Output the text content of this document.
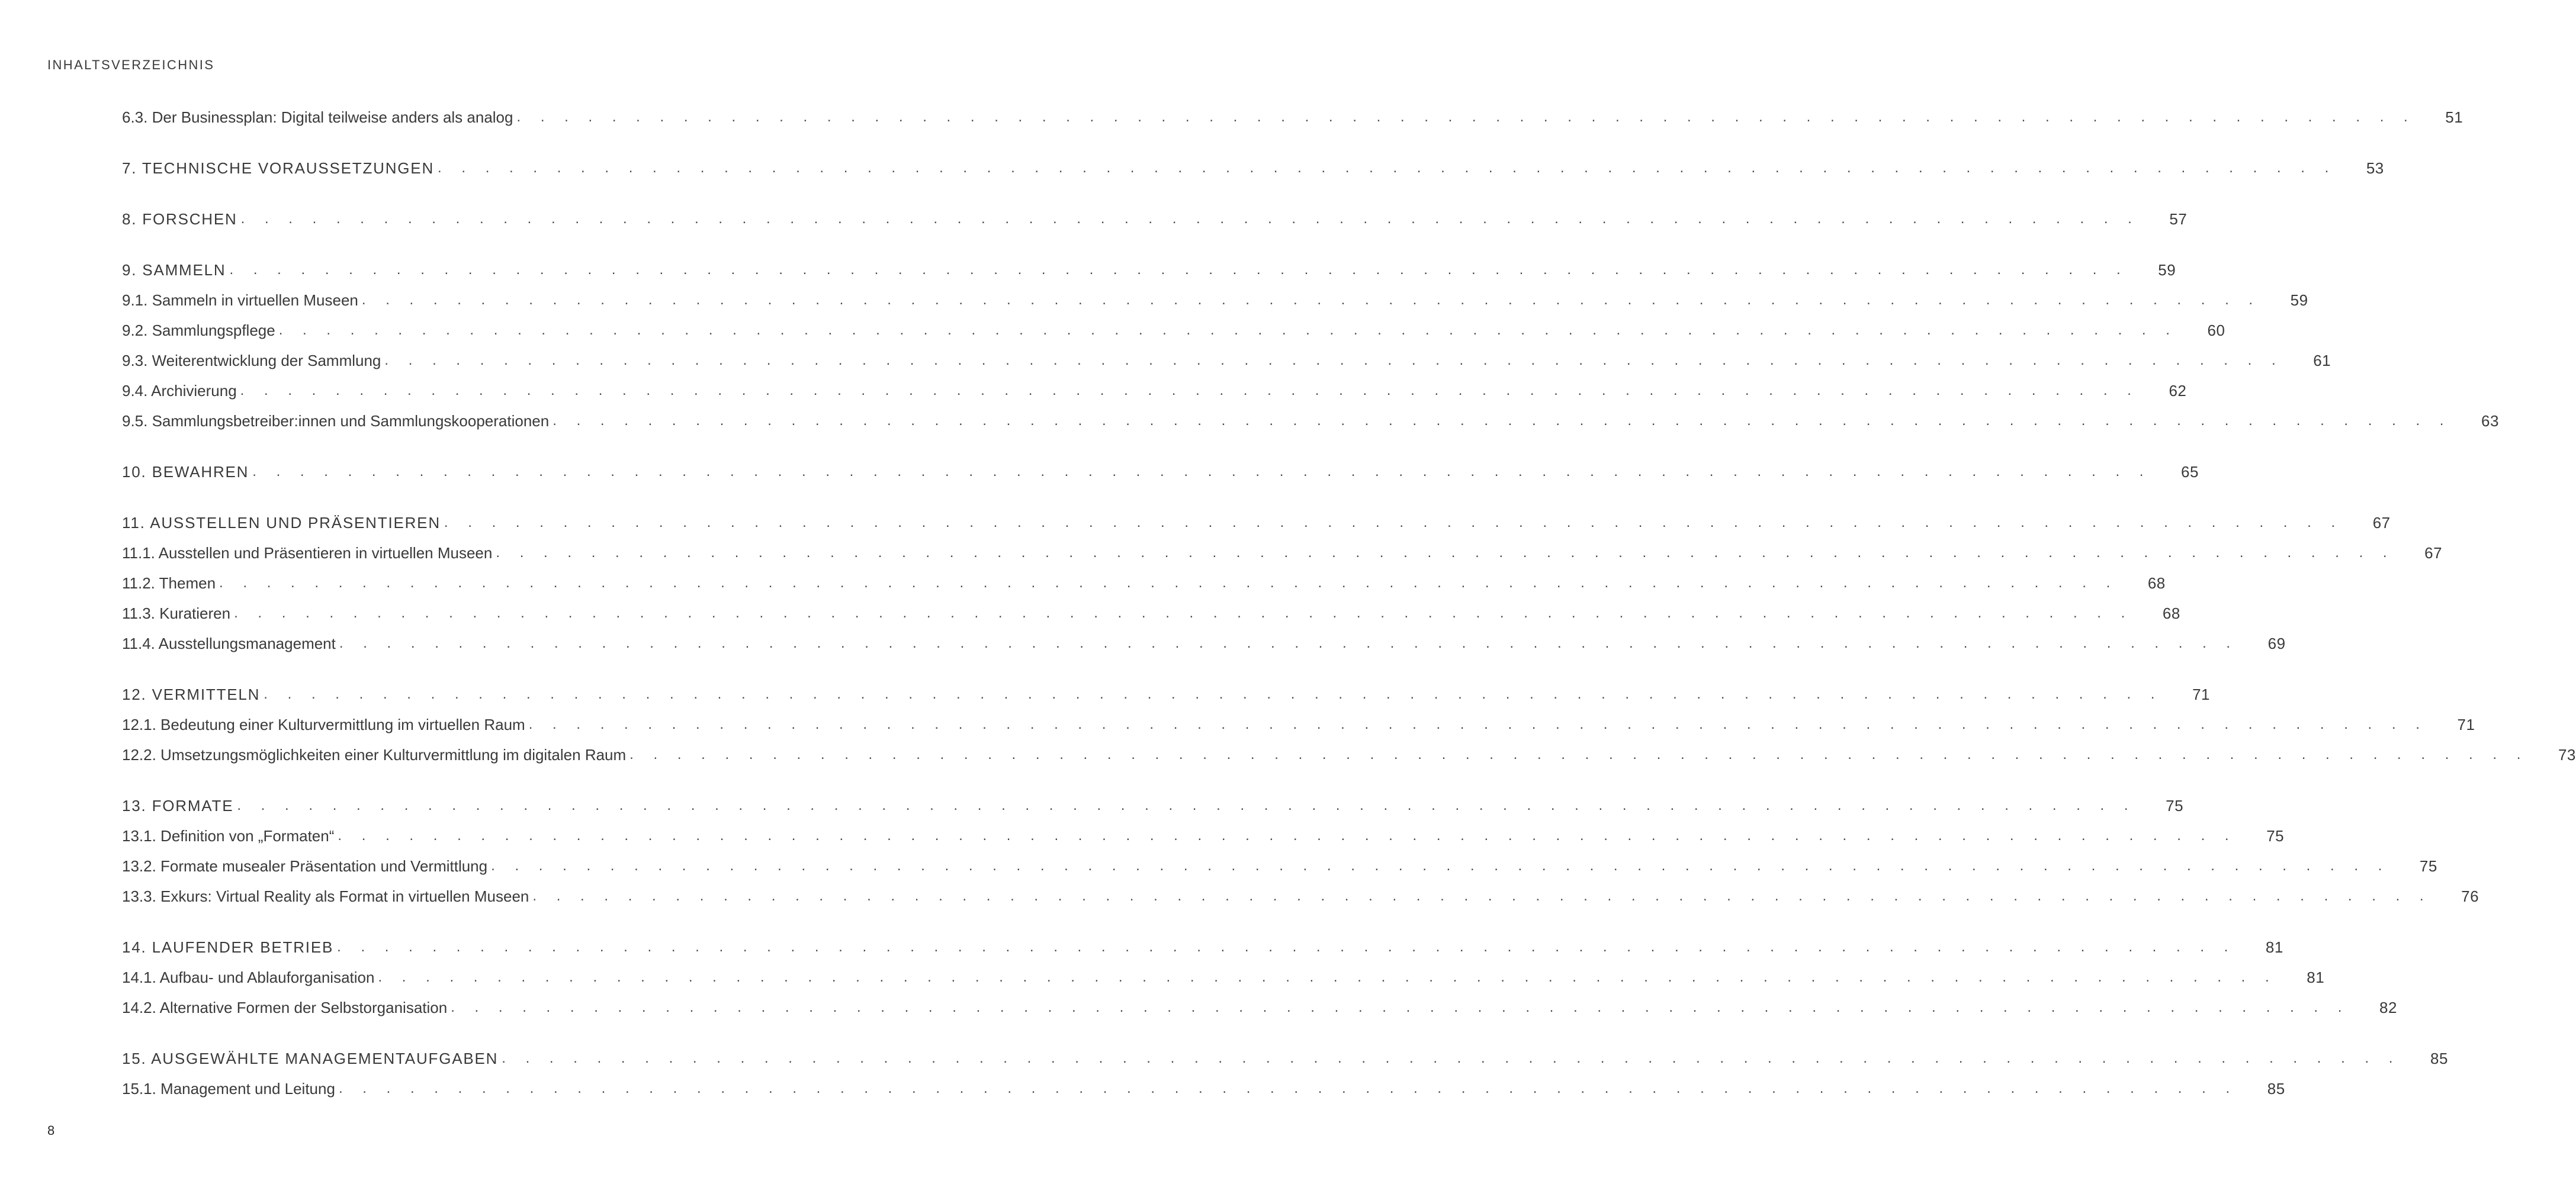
INHALTSVERZEICHNIS
6.3. Der Businessplan: Digital teilweise anders als analog . . . . . . . . . . . . . . . . . . . . . . . . . . . . . . . . . . . . . . . . . . . . . . . . . . . . . . . . . . . . . . . . . . . . . . . . . . . . . . . .	51
7. TECHNISCHE VORAUSSETZUNGEN . . . . . . . . . . . . . . . . . . . . . . . . . . . . . . . . . . . . . . . . . . . . . . . . . . . . . . . . . . . . . . . . . . . . . . . . . . . . . . . .	53
8. FORSCHEN . . . . . . . . . . . . . . . . . . . . . . . . . . . . . . . . . . . . . . . . . . . . . . . . . . . . . . . . . . . . . . . . . . . . . . . . . . . . . . . .	57
9. SAMMELN . . . . . . . . . . . . . . . . . . . . . . . . . . . . . . . . . . . . . . . . . . . . . . . . . . . . . . . . . . . . . . . . . . . . . . . . . . . . . . . .	59
9.1. Sammeln in virtuellen Museen . . . . . . . . . . . . . . . . . . . . . . . . . . . . . . . . . . . . . . . . . . . . . . . . . . . . . . . . . . . . . . . . . . . . . . . . . . . . . . . .	59
9.2. Sammlungspflege . . . . . . . . . . . . . . . . . . . . . . . . . . . . . . . . . . . . . . . . . . . . . . . . . . . . . . . . . . . . . . . . . . . . . . . . . . . . . . . .	60
9.3. Weiterentwicklung der Sammlung . . . . . . . . . . . . . . . . . . . . . . . . . . . . . . . . . . . . . . . . . . . . . . . . . . . . . . . . . . . . . . . . . . . . . . . . . . . . . . . .	61
9.4. Archivierung . . . . . . . . . . . . . . . . . . . . . . . . . . . . . . . . . . . . . . . . . . . . . . . . . . . . . . . . . . . . . . . . . . . . . . . . . . . . . . . .	62
9.5. Sammlungsbetreiber:innen und Sammlungskooperationen . . . . . . . . . . . . . . . . . . . . . . . . . . . . . . . . . . . . . . . . . . . . . . . . . . . . . . . . . . . . . . . . . . . . . . . . . . . . . . . .	63
10. BEWAHREN . . . . . . . . . . . . . . . . . . . . . . . . . . . . . . . . . . . . . . . . . . . . . . . . . . . . . . . . . . . . . . . . . . . . . . . . . . . . . . . .	65
11. AUSSTELLEN UND PRÄSENTIEREN . . . . . . . . . . . . . . . . . . . . . . . . . . . . . . . . . . . . . . . . . . . . . . . . . . . . . . . . . . . . . . . . . . . . . . . . . . . . . . . .	67
11.1. Ausstellen und Präsentieren in virtuellen Museen . . . . . . . . . . . . . . . . . . . . . . . . . . . . . . . . . . . . . . . . . . . . . . . . . . . . . . . . . . . . . . . . . . . . . . . . . . . . . . . .	67
11.2. Themen . . . . . . . . . . . . . . . . . . . . . . . . . . . . . . . . . . . . . . . . . . . . . . . . . . . . . . . . . . . . . . . . . . . . . . . . . . . . . . . .	68
11.3. Kuratieren . . . . . . . . . . . . . . . . . . . . . . . . . . . . . . . . . . . . . . . . . . . . . . . . . . . . . . . . . . . . . . . . . . . . . . . . . . . . . . . .	68
11.4. Ausstellungsmanagement . . . . . . . . . . . . . . . . . . . . . . . . . . . . . . . . . . . . . . . . . . . . . . . . . . . . . . . . . . . . . . . . . . . . . . . . . . . . . . . .	69
12. VERMITTELN . . . . . . . . . . . . . . . . . . . . . . . . . . . . . . . . . . . . . . . . . . . . . . . . . . . . . . . . . . . . . . . . . . . . . . . . . . . . . . . .	71
12.1. Bedeutung einer Kulturvermittlung im virtuellen Raum . . . . . . . . . . . . . . . . . . . . . . . . . . . . . . . . . . . . . . . . . . . . . . . . . . . . . . . . . . . . . . . . . . . . . . . . . . . . . . . .	71
12.2. Umsetzungsmöglichkeiten einer Kulturvermittlung im digitalen Raum . . . . . . . . . . . . . . . . . . . . . . . . . . . . . . . . . . . . . . . . . . . . . . . . . . . . . . . . . . . . . . . . . . . . . . . . . . . . . . . .	73
13. FORMATE . . . . . . . . . . . . . . . . . . . . . . . . . . . . . . . . . . . . . . . . . . . . . . . . . . . . . . . . . . . . . . . . . . . . . . . . . . . . . . . .	75
13.1. Definition von „Formaten“ . . . . . . . . . . . . . . . . . . . . . . . . . . . . . . . . . . . . . . . . . . . . . . . . . . . . . . . . . . . . . . . . . . . . . . . . . . . . . . . .	75
13.2. Formate musealer Präsentation und Vermittlung . . . . . . . . . . . . . . . . . . . . . . . . . . . . . . . . . . . . . . . . . . . . . . . . . . . . . . . . . . . . . . . . . . . . . . . . . . . . . . . .	75
13.3. Exkurs: Virtual Reality als Format in virtuellen Museen . . . . . . . . . . . . . . . . . . . . . . . . . . . . . . . . . . . . . . . . . . . . . . . . . . . . . . . . . . . . . . . . . . . . . . . . . . . . . . . .	76
14. LAUFENDER BETRIEB . . . . . . . . . . . . . . . . . . . . . . . . . . . . . . . . . . . . . . . . . . . . . . . . . . . . . . . . . . . . . . . . . . . . . . . . . . . . . . . .	81
14.1. Aufbau- und Ablauforganisation . . . . . . . . . . . . . . . . . . . . . . . . . . . . . . . . . . . . . . . . . . . . . . . . . . . . . . . . . . . . . . . . . . . . . . . . . . . . . . . .	81
14.2. Alternative Formen der Selbstorganisation . . . . . . . . . . . . . . . . . . . . . . . . . . . . . . . . . . . . . . . . . . . . . . . . . . . . . . . . . . . . . . . . . . . . . . . . . . . . . . . .	82
15. AUSGEWÄHLTE MANAGEMENTAUFGABEN . . . . . . . . . . . . . . . . . . . . . . . . . . . . . . . . . . . . . . . . . . . . . . . . . . . . . . . . . . . . . . . . . . . . . . . . . . . . . . . .	85
15.1. Management und Leitung . . . . . . . . . . . . . . . . . . . . . . . . . . . . . . . . . . . . . . . . . . . . . . . . . . . . . . . . . . . . . . . . . . . . . . . . . . . . . . . .	85
8
